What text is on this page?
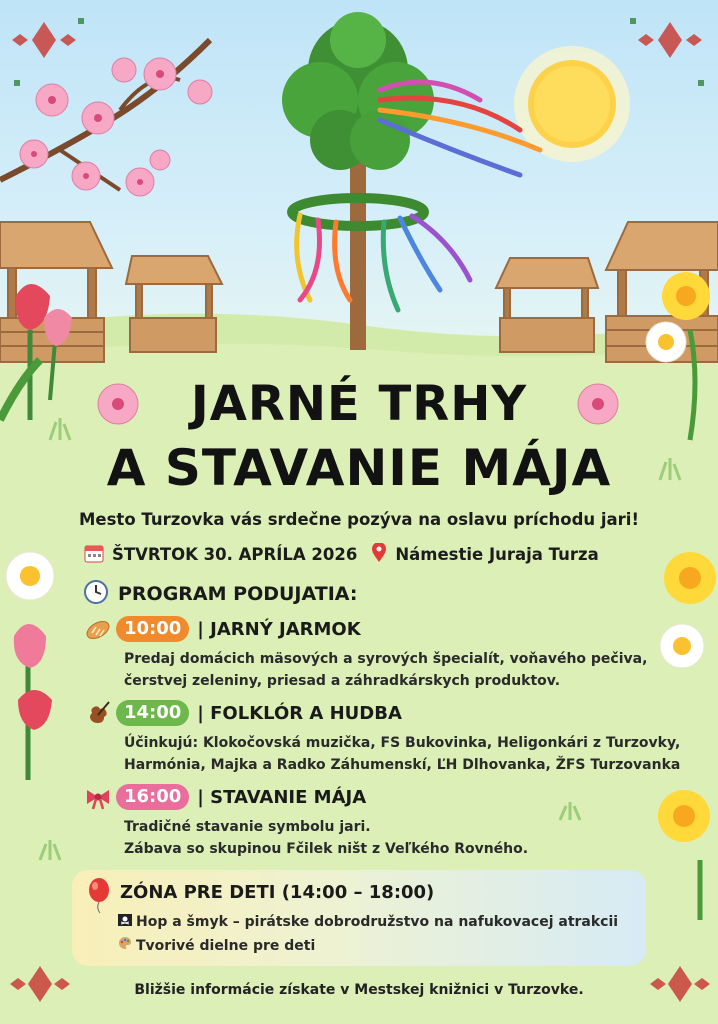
JARNÉ TRHY
A STAVANIE MÁJA
Mesto Turzovka vás srdečne pozýva na oslavu príchodu jari!
ŠTVRTOK 30. APRÍLA 2026 Námestie Juraja Turza
PROGRAM PODUJATIA:
10:00 | JARNÝ JARMOK
Predaj domácich mäsových a syrových špecialít, voňavého pečiva,
čerstvej zeleniny, priesad a záhradkárskych produktov.
14:00 | FOLKLÓR A HUDBA
Účinkujú: Klokočovská muzička, FS Bukovinka, Heligonkári z Turzovky,
Harmónia, Majka a Radko Záhumenskí, ĽH Dlhovanka, ŽFS Turzovanka
16:00 | STAVANIE MÁJA
Tradičné stavanie symbolu jari.
Zábava so skupinou Fčilek ništ z Veľkého Rovného.
ZÓNA PRE DETI (14:00 – 18:00)
Hop a šmyk – pirátske dobrodružstvo na nafukovacej atrakcii
Tvorivé dielne pre deti
Bližšie informácie získate v Mestskej knižnici v Turzovke.
